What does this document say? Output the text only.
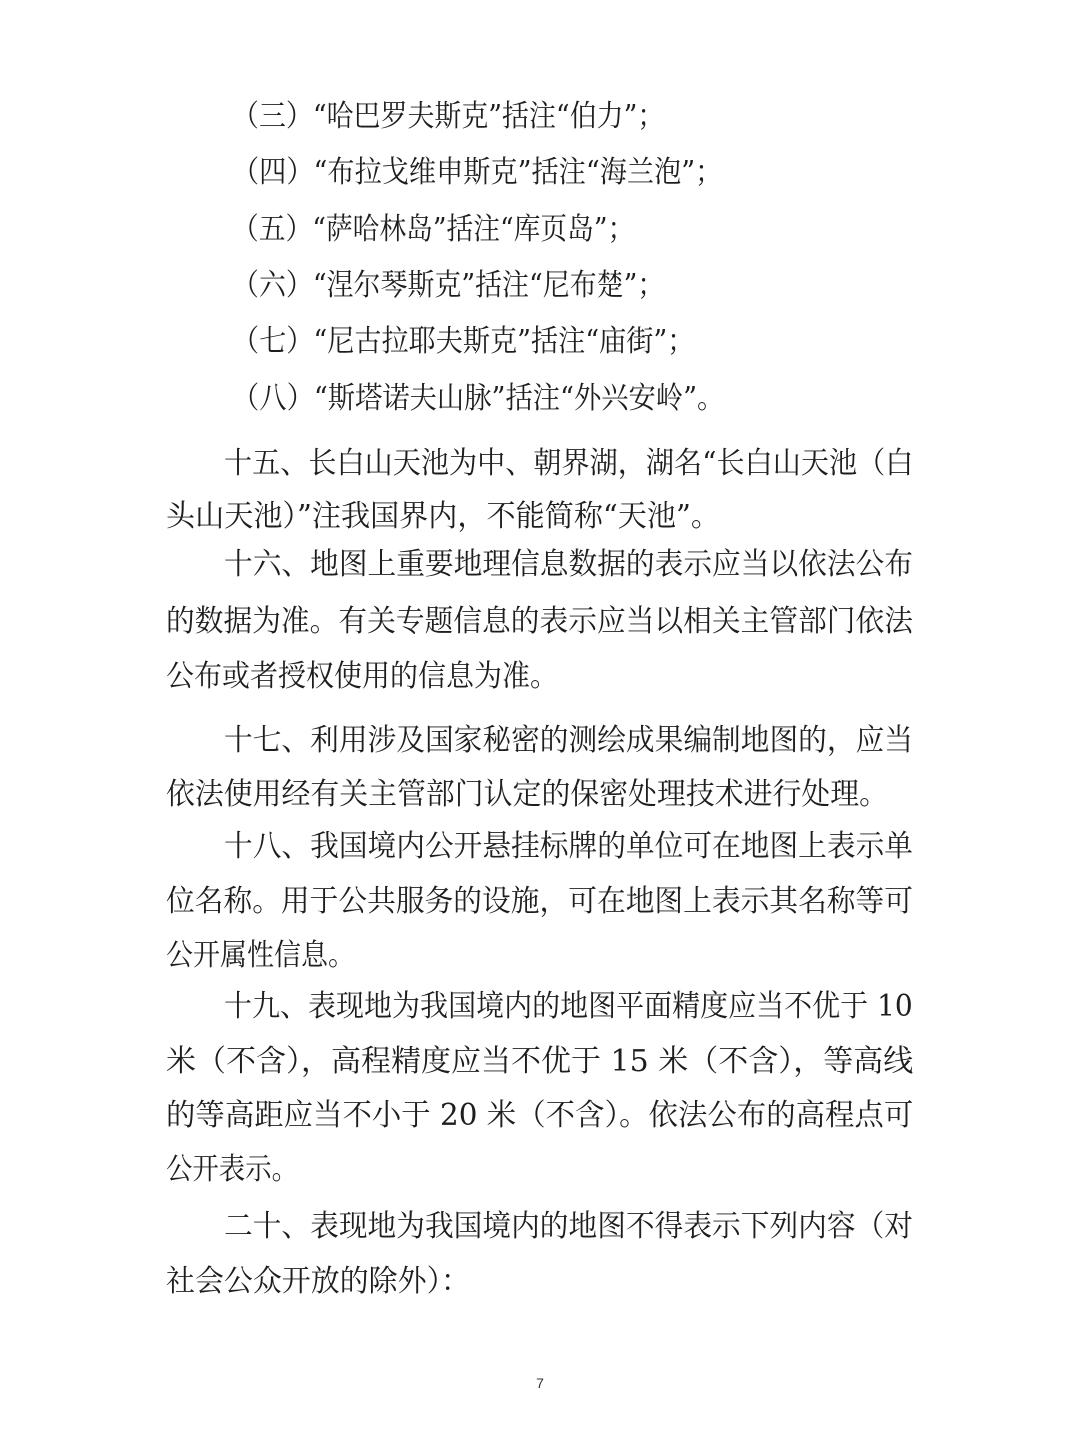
（三）“哈巴罗夫斯克”括注“伯力”；
（四）“布拉戈维申斯克”括注“海兰泡”；
（五）“萨哈林岛”括注“库页岛”；
（六）“涅尔琴斯克”括注“尼布楚”；
（七）“尼古拉耶夫斯克”括注“庙街”；
（八）“斯塔诺夫山脉”括注“外兴安岭”。
十五、长白山天池为中、朝界湖，湖名“长白山天池（白
头山天池）”注我国界内，不能简称“天池”。
十六、地图上重要地理信息数据的表示应当以依法公布
的数据为准。有关专题信息的表示应当以相关主管部门依法
公布或者授权使用的信息为准。
十七、利用涉及国家秘密的测绘成果编制地图的，应当
依法使用经有关主管部门认定的保密处理技术进行处理。
十八、我国境内公开悬挂标牌的单位可在地图上表示单
位名称。用于公共服务的设施，可在地图上表示其名称等可
公开属性信息。
十九、表现地为我国境内的地图平面精度应当不优于 10
米（不含），高程精度应当不优于 15 米（不含），等高线
的等高距应当不小于 20 米（不含）。依法公布的高程点可
公开表示。
二十、表现地为我国境内的地图不得表示下列内容（对
社会公众开放的除外）：
7
